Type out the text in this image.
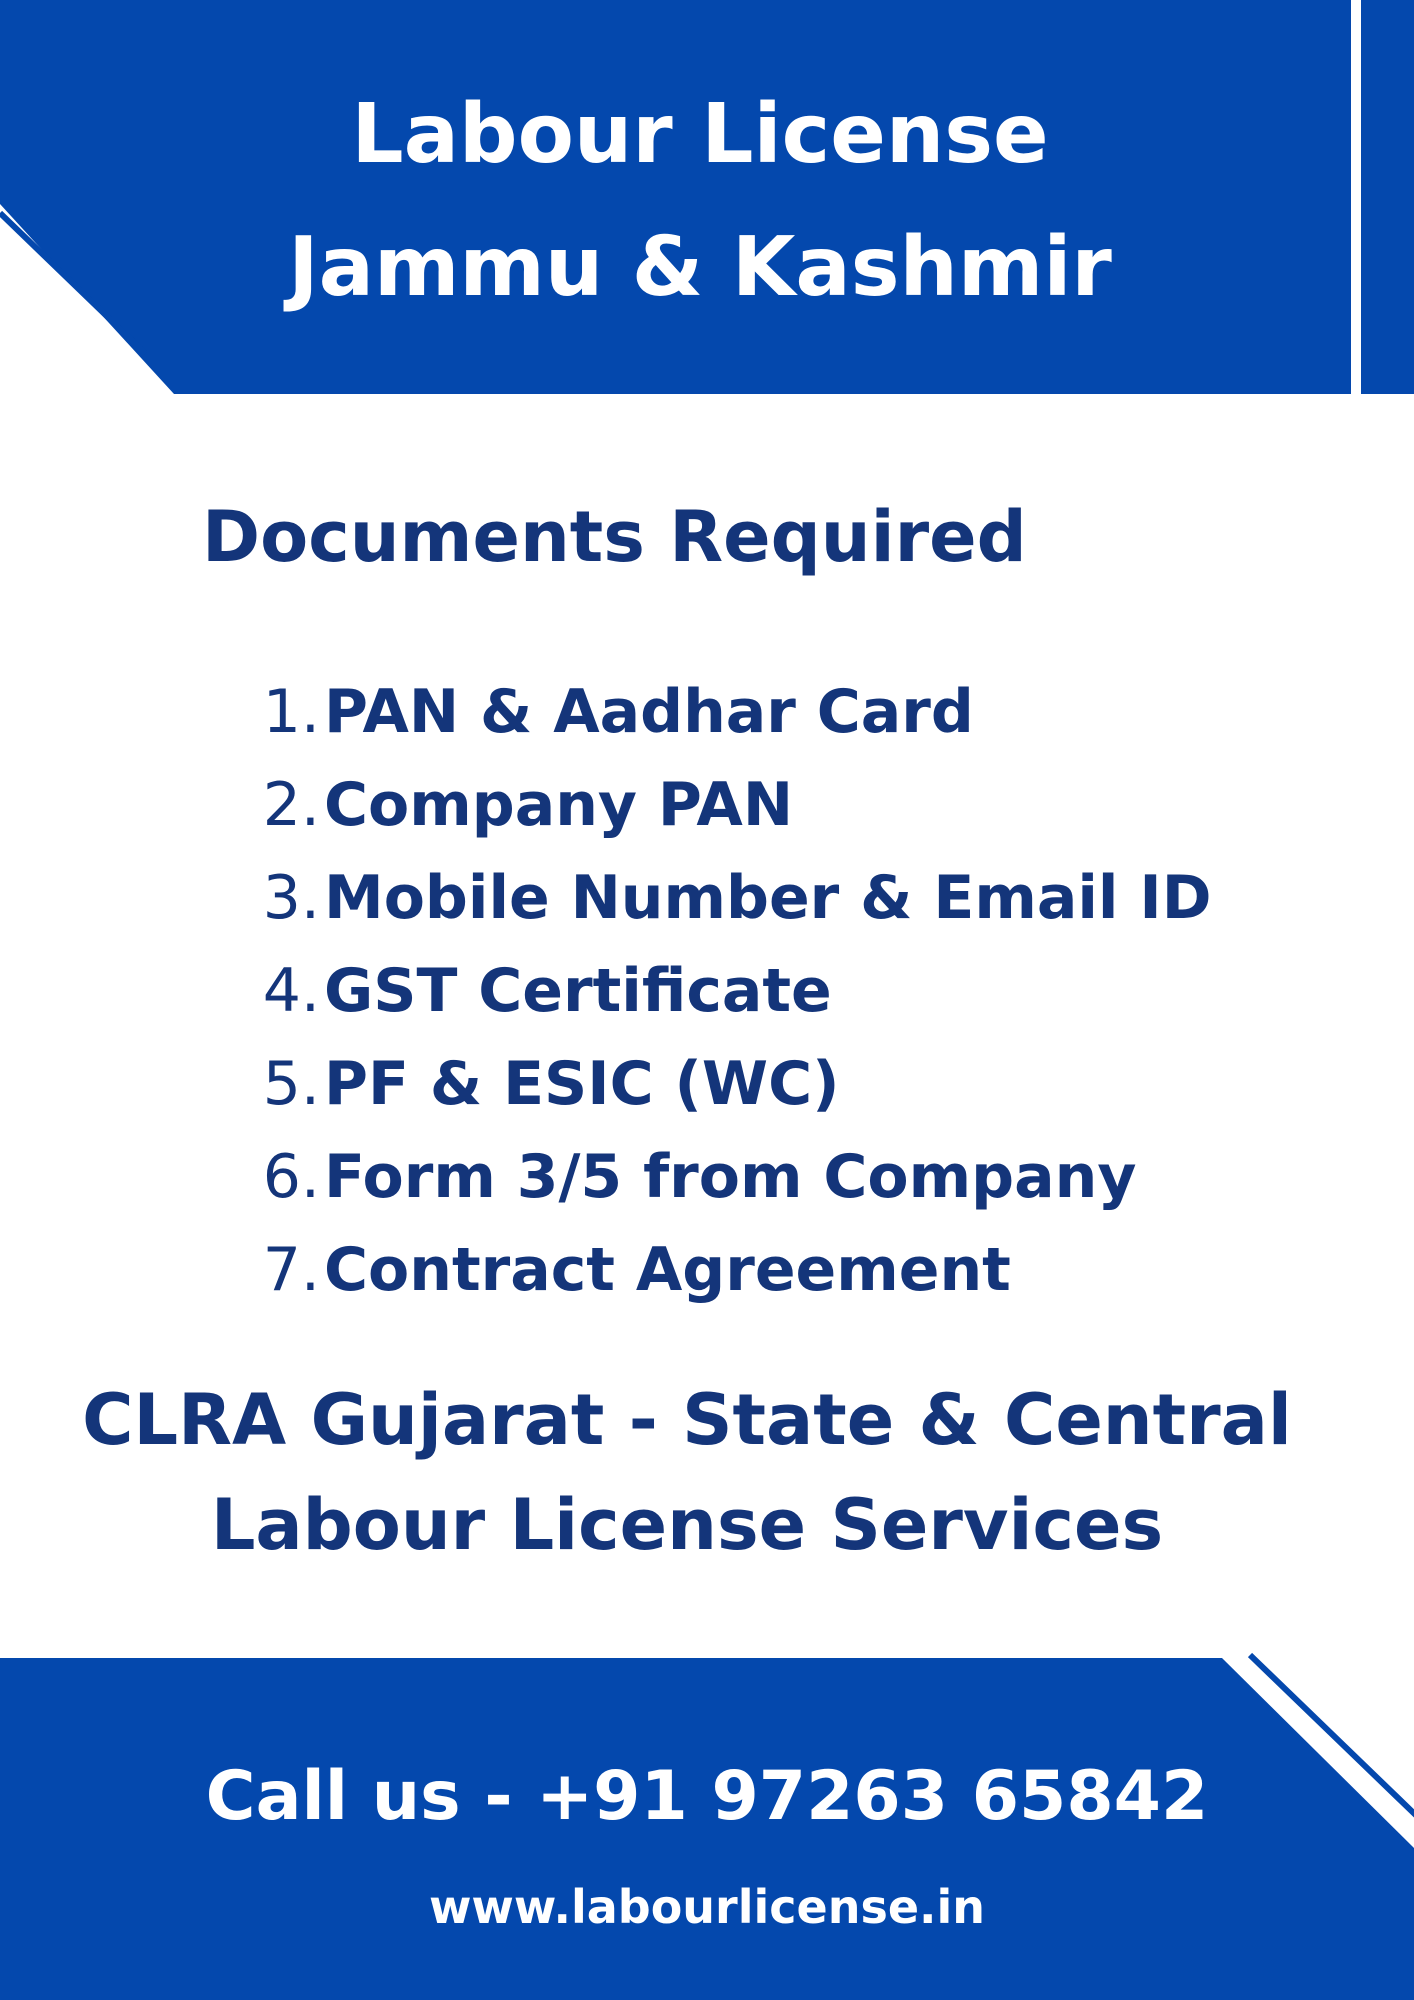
Labour License
Jammu & Kashmir
Documents Required
1. PAN & Aadhar Card
2. Company PAN
3. Mobile Number & Email ID
4. GST Certificate
5. PF & ESIC (WC)
6. Form 3/5 from Company
7. Contract Agreement

CLRA Gujarat - State & Central

Labour License Services

Call us - +91 97263 65842

www.labourlicense.in
